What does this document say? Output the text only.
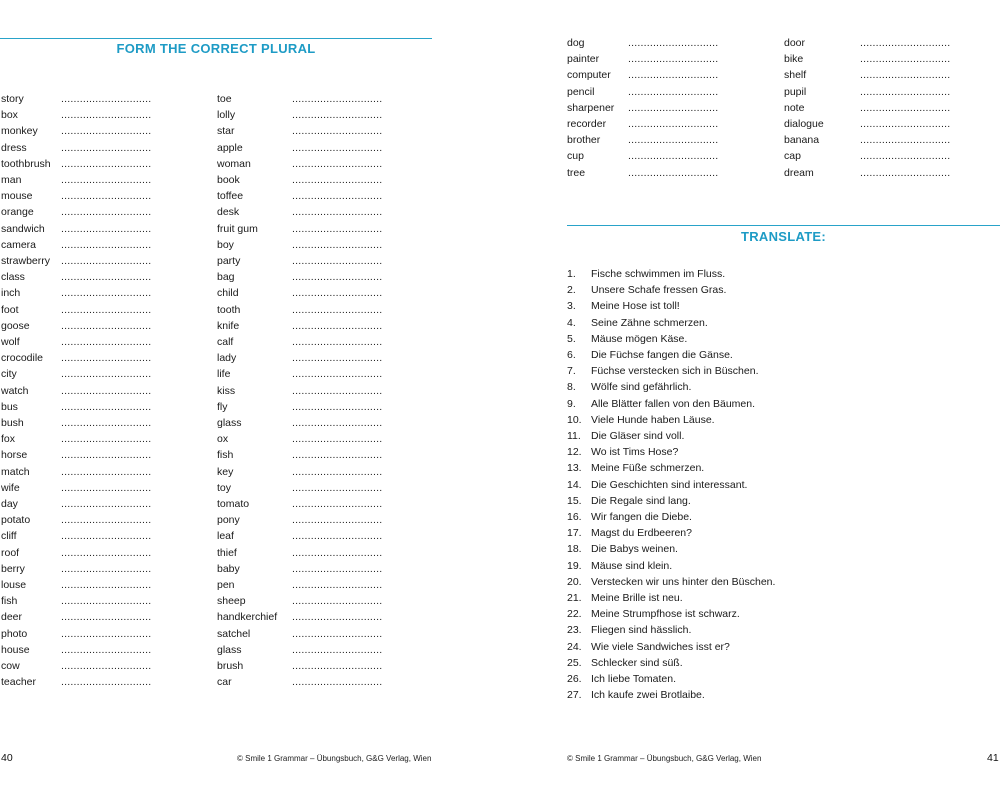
FORM THE CORRECT PLURAL
story	.............................
box	.............................
monkey .............................
dress	.............................
toothbrush .............................
man	.............................
mouse	.............................
orange	.............................
sandwich .............................
camera .............................
strawberry .............................
class	.............................
inch	.............................
foot	.............................
goose	.............................
wolf	.............................
crocodile .............................
city	.............................
watch	.............................
bus	.............................
bush	.............................
fox	.............................
horse	.............................
match	.............................
wife	.............................
day	.............................
potato	.............................
cliff	.............................
roof	.............................
berry	.............................
louse	.............................
fish	.............................
deer	.............................
photo	.............................
house	.............................
cow	.............................
teacher .............................
toe	.............................
lolly	.............................
star	.............................
apple	.............................
woman	.............................
book	.............................
toffee	.............................
desk	.............................
fruit gum	.............................
boy	.............................
party	.............................
bag	.............................
child	.............................
tooth	.............................
knife	.............................
calf	.............................
lady	.............................
life	.............................
kiss	.............................
fly	.............................
glass	.............................
ox	.............................
fish	.............................
key	.............................
toy	.............................
tomato	.............................
pony	.............................
leaf	.............................
thief	.............................
baby	.............................
pen	.............................
sheep	.............................
handkerchief .............................
satchel	.............................
glass	.............................
brush	.............................
car	.............................
40	© Smile 1 Grammar – Übungsbuch, G&G Verlag, Wien
dog	.............................
painter	.............................
computer .............................
pencil	.............................
sharpener .............................
recorder .............................
brother	.............................
cup	.............................
tree	.............................
door	.............................
bike	.............................
shelf	.............................
pupil	.............................
note	.............................
dialogue	.............................
banana	.............................
cap	.............................
dream	.............................
TRANSLATE:
1.	Fische schwimmen im Fluss.
2.	Unsere Schafe fressen Gras.
3.	Meine Hose ist toll!
4.	Seine Zähne schmerzen.
5.	Mäuse mögen Käse.
6.	Die Füchse fangen die Gänse.
7.	Füchse verstecken sich in Büschen.
8.	Wölfe sind gefährlich.
9.	Alle Blätter fallen von den Bäumen.
10. Viele Hunde haben Läuse.
11. Die Gläser sind voll.
12. Wo ist Tims Hose?
13. Meine Füße schmerzen.
14. Die Geschichten sind interessant.
15. Die Regale sind lang.
16. Wir fangen die Diebe.
17. Magst du Erdbeeren?
18. Die Babys weinen.
19. Mäuse sind klein.
20. Verstecken wir uns hinter den Büschen.
21. Meine Brille ist neu.
22. Meine Strumpfhose ist schwarz.
23. Fliegen sind hässlich.
24. Wie viele Sandwiches isst er?
25. Schlecker sind süß.
26. Ich liebe Tomaten.
27. Ich kaufe zwei Brotlaibe.
© Smile 1 Grammar – Übungsbuch, G&G Verlag, Wien	41
